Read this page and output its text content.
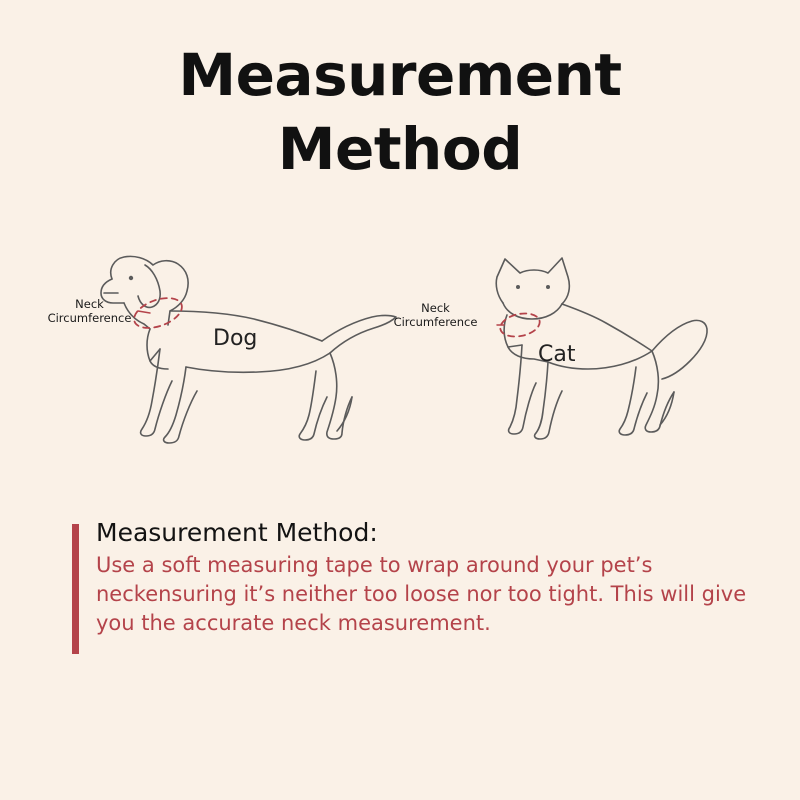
Measurement
Method
Neck
Circumference
Neck
Circumference
Dog
Cat

Measurement Method:

Use a soft measuring tape to wrap around your pet’s neckensuring it’s neither too loose nor too tight. This will give you the accurate neck measurement.
